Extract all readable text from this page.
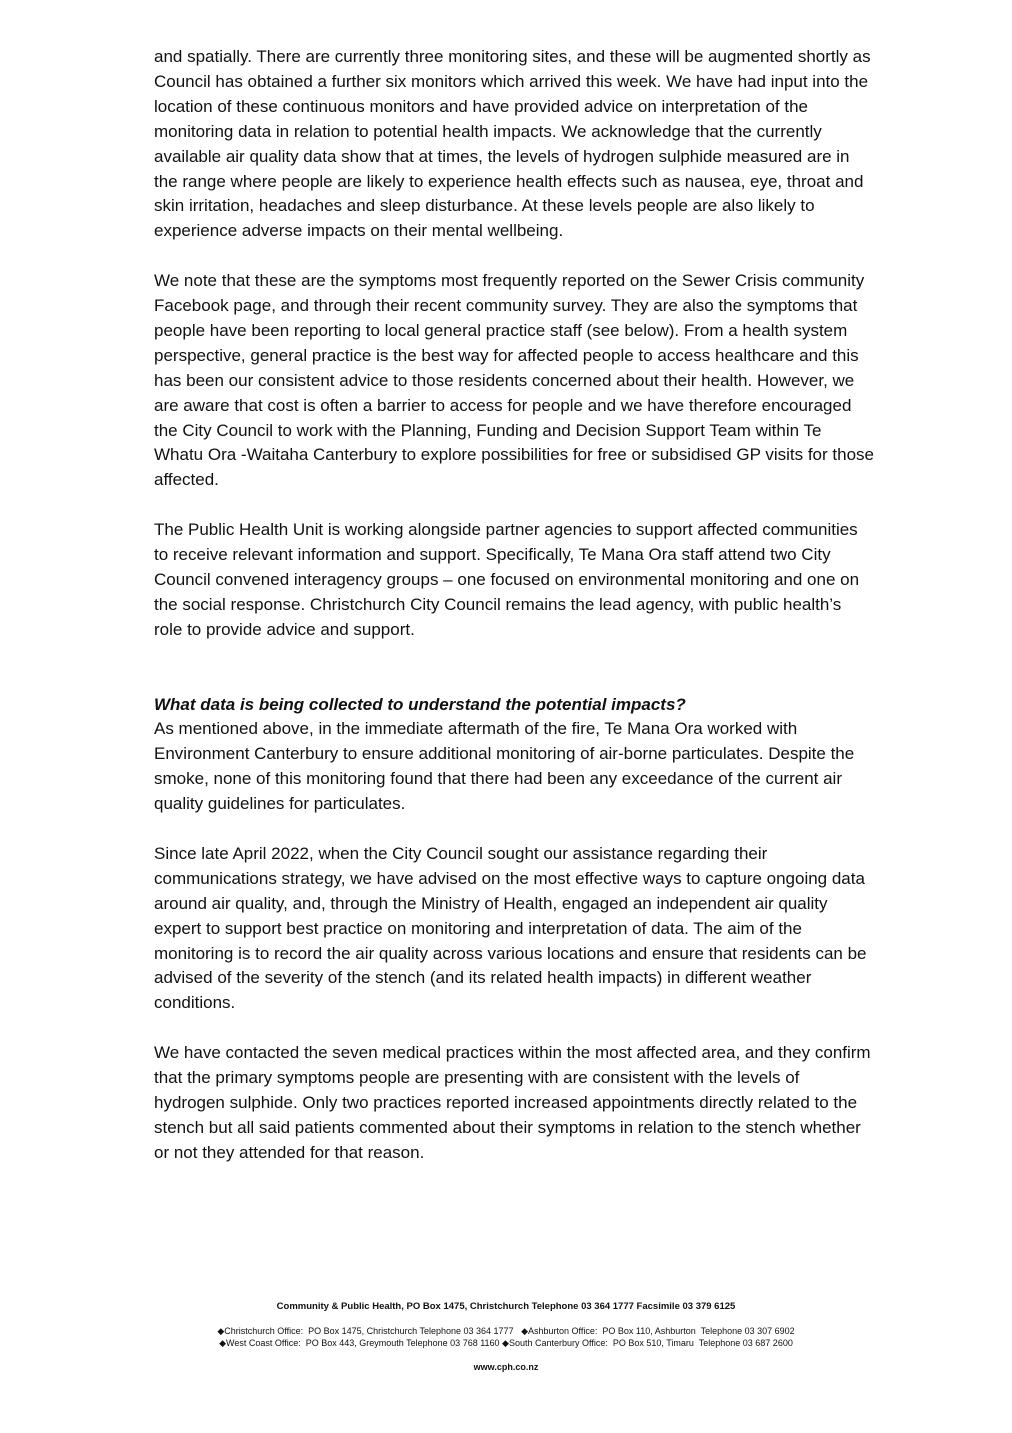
and spatially. There are currently three monitoring sites, and these will be augmented shortly as Council has obtained a further six monitors which arrived this week. We have had input into the location of these continuous monitors and have provided advice on interpretation of the monitoring data in relation to potential health impacts. We acknowledge that the currently available air quality data show that at times, the levels of hydrogen sulphide measured are in the range where people are likely to experience health effects such as nausea, eye, throat and skin irritation, headaches and sleep disturbance. At these levels people are also likely to experience adverse impacts on their mental wellbeing.

We note that these are the symptoms most frequently reported on the Sewer Crisis community Facebook page, and through their recent community survey. They are also the symptoms that people have been reporting to local general practice staff (see below). From a health system perspective, general practice is the best way for affected people to access healthcare and this has been our consistent advice to those residents concerned about their health. However, we are aware that cost is often a barrier to access for people and we have therefore encouraged the City Council to work with the Planning, Funding and Decision Support Team within Te Whatu Ora -Waitaha Canterbury to explore possibilities for free or subsidised GP visits for those affected.

The Public Health Unit is working alongside partner agencies to support affected communities to receive relevant information and support. Specifically, Te Mana Ora staff attend two City Council convened interagency groups – one focused on environmental monitoring and one on the social response. Christchurch City Council remains the lead agency, with public health’s role to provide advice and support.

What data is being collected to understand the potential impacts?

As mentioned above, in the immediate aftermath of the fire, Te Mana Ora worked with Environment Canterbury to ensure additional monitoring of air-borne particulates. Despite the smoke, none of this monitoring found that there had been any exceedance of the current air quality guidelines for particulates.

Since late April 2022, when the City Council sought our assistance regarding their communications strategy, we have advised on the most effective ways to capture ongoing data around air quality, and, through the Ministry of Health, engaged an independent air quality expert to support best practice on monitoring and interpretation of data. The aim of the monitoring is to record the air quality across various locations and ensure that residents can be advised of the severity of the stench (and its related health impacts) in different weather conditions.

We have contacted the seven medical practices within the most affected area, and they confirm that the primary symptoms people are presenting with are consistent with the levels of hydrogen sulphide. Only two practices reported increased appointments directly related to the stench but all said patients commented about their symptoms in relation to the stench whether or not they attended for that reason.

Community & Public Health, PO Box 1475, Christchurch Telephone 03 364 1777 Facsimile 03 379 6125
◆Christchurch Office:  PO Box 1475, Christchurch Telephone 03 364 1777   ◆Ashburton Office:  PO Box 110, Ashburton  Telephone 03 307 6902
◆West Coast Office:  PO Box 443, Greymouth Telephone 03 768 1160 ◆South Canterbury Office:  PO Box 510, Timaru  Telephone 03 687 2600
www.cph.co.nz
